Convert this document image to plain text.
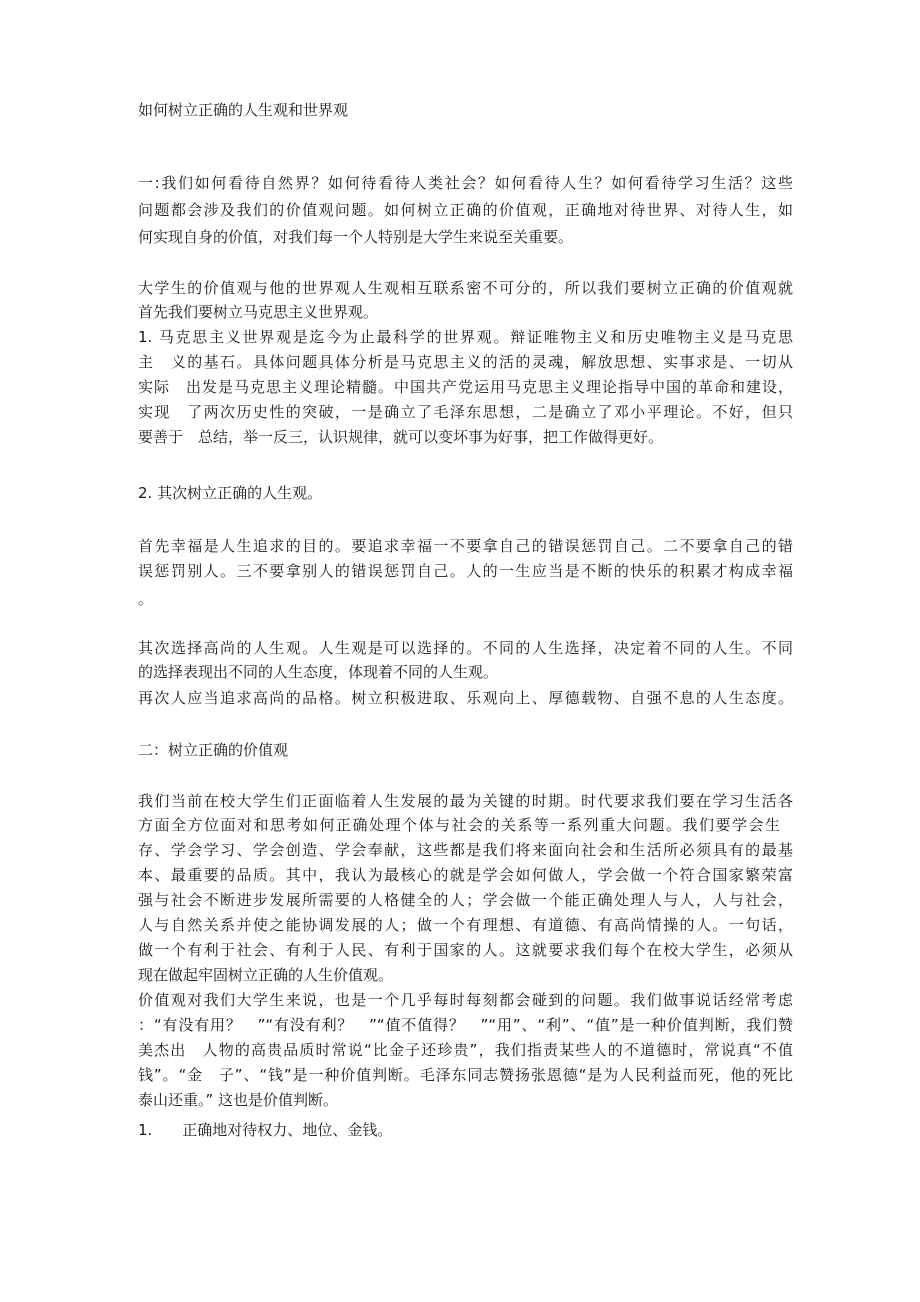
如何树立正确的人生观和世界观
一:我们如何看待自然界？如何待看待人类社会？如何看待人生？如何看待学习生活？这些
问题都会涉及我们的价值观问题。如何树立正确的价值观，正确地对待世界、对待人生，如
何实现自身的价值，对我们每一个人特别是大学生来说至关重要。
大学生的价值观与他的世界观人生观相互联系密不可分的，所以我们要树立正确的价值观就
首先我们要树立马克思主义世界观。
1. 马克思主义世界观是迄今为止最科学的世界观。辩证唯物主义和历史唯物主义是马克思
主　义的基石。具体问题具体分析是马克思主义的活的灵魂，解放思想、实事求是、一切从
实际　出发是马克思主义理论精髓。中国共产党运用马克思主义理论指导中国的革命和建设，
实现　了两次历史性的突破，一是确立了毛泽东思想，二是确立了邓小平理论。不好，但只
要善于　总结，举一反三，认识规律，就可以变坏事为好事，把工作做得更好。
2. 其次树立正确的人生观。
首先幸福是人生追求的目的。要追求幸福一不要拿自己的错误惩罚自己。二不要拿自己的错
误惩罚别人。三不要拿别人的错误惩罚自己。人的一生应当是不断的快乐的积累才构成幸福
。
其次选择高尚的人生观。人生观是可以选择的。不同的人生选择，决定着不同的人生。不同
的选择表现出不同的人生态度，体现着不同的人生观。
再次人应当追求高尚的品格。树立积极进取、乐观向上、厚德载物、自强不息的人生态度。
二：树立正确的价值观
我们当前在校大学生们正面临着人生发展的最为关键的时期。时代要求我们要在学习生活各
方面全方位面对和思考如何正确处理个体与社会的关系等一系列重大问题。我们要学会生
存、学会学习、学会创造、学会奉献，这些都是我们将来面向社会和生活所必须具有的最基
本、最重要的品质。其中，我认为最核心的就是学会如何做人，学会做一个符合国家繁荣富
强与社会不断进步发展所需要的人格健全的人；学会做一个能正确处理人与人，人与社会，
人与自然关系并使之能协调发展的人；做一个有理想、有道德、有高尚情操的人。一句话，
做一个有利于社会、有利于人民、有利于国家的人。这就要求我们每个在校大学生，必须从
现在做起牢固树立正确的人生价值观。
价值观对我们大学生来说，也是一个几乎每时每刻都会碰到的问题。我们做事说话经常考虑
：“有没有用？　”“有没有利？　”“值不值得？　”“用”、“利”、“值”是一种价值判断，我们赞
美杰出　人物的高贵品质时常说“比金子还珍贵”，我们指责某些人的不道德时，常说真“不值
钱”。“金　子”、“钱”是一种价值判断。毛泽东同志赞扬张恩德“是为人民利益而死，他的死比
泰山还重。” 这也是价值判断。
1.　　正确地对待权力、地位、金钱。
